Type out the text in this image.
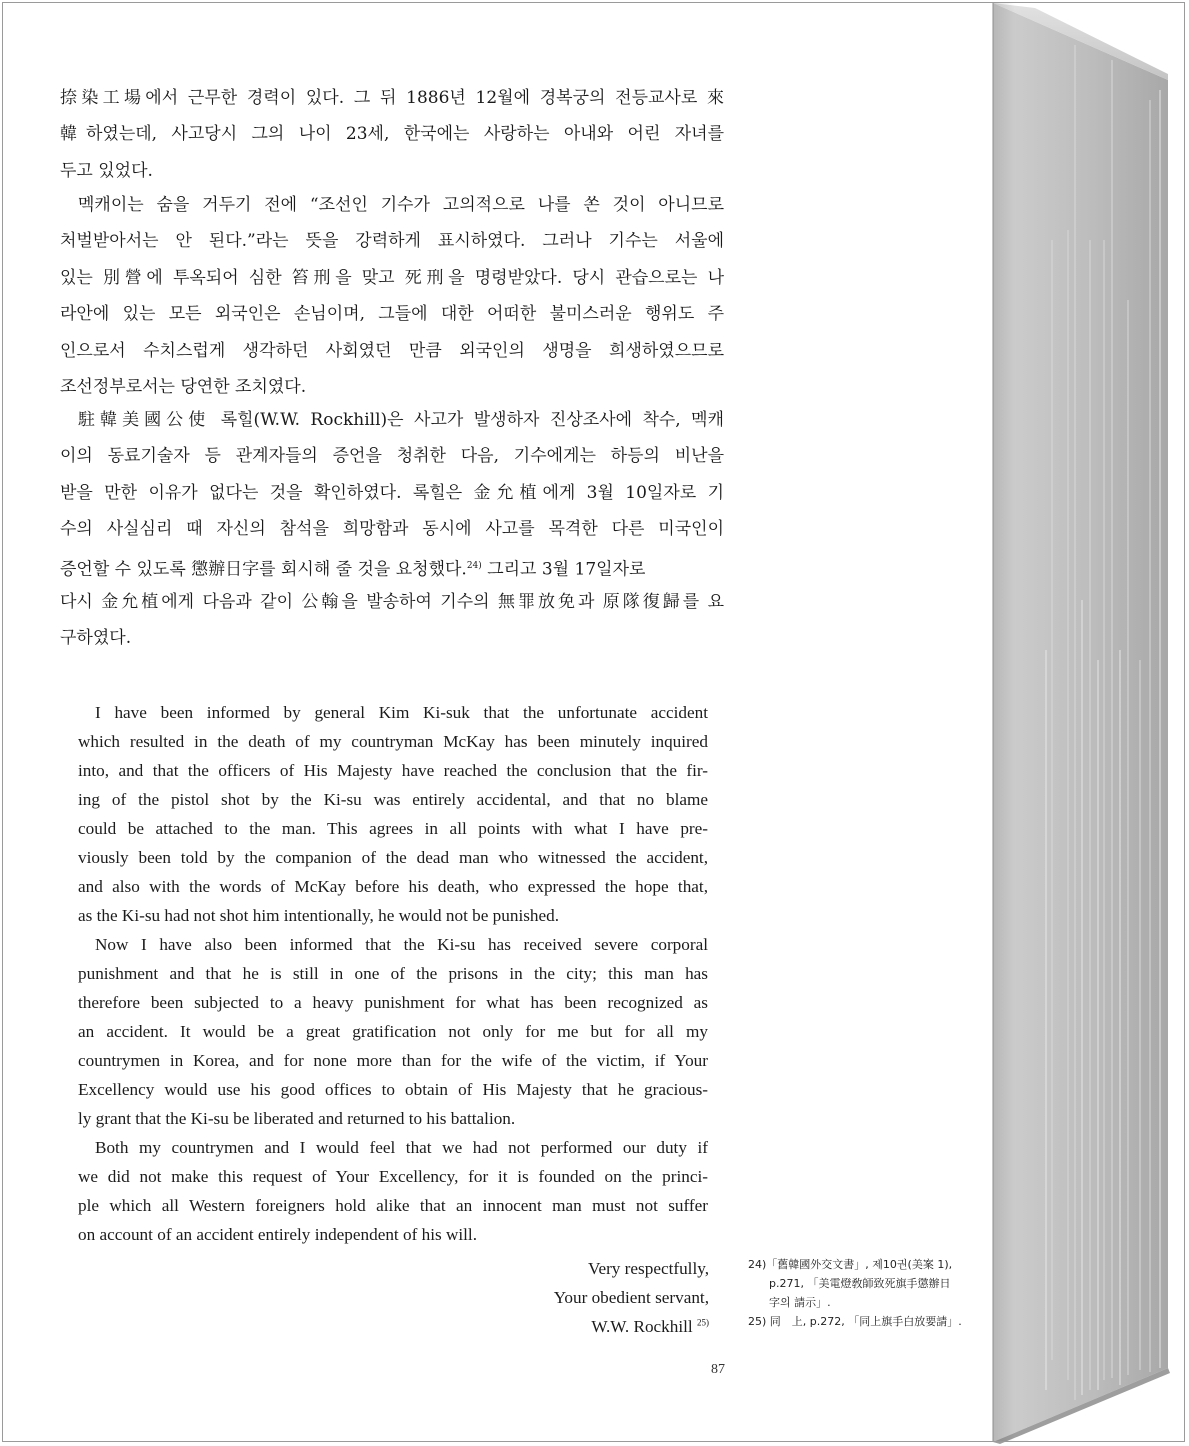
捺染工場에서 근무한 경력이 있다. 그 뒤 1886년 12월에 경복궁의 전등교사로 來
韓하였는데, 사고당시 그의 나이 23세, 한국에는 사랑하는 아내와 어린 자녀를
두고 있었다.
멕캐이는 숨을 거두기 전에 “조선인 기수가 고의적으로 나를 쏜 것이 아니므로
처벌받아서는 안 된다.”라는 뜻을 강력하게 표시하였다. 그러나 기수는 서울에
있는 別營에 투옥되어 심한 笞刑을 맞고 死刑을 명령받았다. 당시 관습으로는 나
라안에 있는 모든 외국인은 손님이며, 그들에 대한 어떠한 불미스러운 행위도 주
인으로서 수치스럽게 생각하던 사회였던 만큼 외국인의 생명을 희생하였으므로
조선정부로서는 당연한 조치였다.
駐韓美國公使 록힐(W.W. Rockhill)은 사고가 발생하자 진상조사에 착수, 멕캐
이의 동료기술자 등 관계자들의 증언을 청취한 다음, 기수에게는 하등의 비난을
받을 만한 이유가 없다는 것을 확인하였다. 록힐은 金允植에게 3월 10일자로 기
수의 사실심리 때 자신의 참석을 희망함과 동시에 사고를 목격한 다른 미국인이
증언할 수 있도록 懲辦日字를 회시해 줄 것을 요청했다.$^{24)}$ 그리고 3월 17일자로
다시 金允植에게 다음과 같이 公翰을 발송하여 기수의 無罪放免과 原隊復歸를 요
구하였다.
I have been informed by general Kim Ki-suk that the unfortunate accident
which resulted in the death of my countryman McKay has been minutely inquired
into, and that the officers of His Majesty have reached the conclusion that the fir-
ing of the pistol shot by the Ki-su was entirely accidental, and that no blame
could be attached to the man. This agrees in all points with what I have pre-
viously been told by the companion of the dead man who witnessed the accident,
and also with the words of McKay before his death, who expressed the hope that,
as the Ki-su had not shot him intentionally, he would not be punished.
Now I have also been informed that the Ki-su has received severe corporal
punishment and that he is still in one of the prisons in the city; this man has
therefore been subjected to a heavy punishment for what has been recognized as
an accident. It would be a great gratification not only for me but for all my
countrymen in Korea, and for none more than for the wife of the victim, if Your
Excellency would use his good offices to obtain of His Majesty that he gracious-
ly grant that the Ki-su be liberated and returned to his battalion.
Both my countrymen and I would feel that we had not performed our duty if
we did not make this request of Your Excellency, for it is founded on the princi-
ple which all Western foreigners hold alike that an innocent man must not suffer
on account of an accident entirely independent of his will.
Very respectfully,
Your obedient servant,
W.W. Rockhill $^{25)}$
24)「舊韓國外交文書」, 제10권(美案 1),
p.271, 「美電燈敎師致死旗手懲辦日
字의 請示」.
25) 同　上, p.272, 「同上旗手白放要請」.
87
